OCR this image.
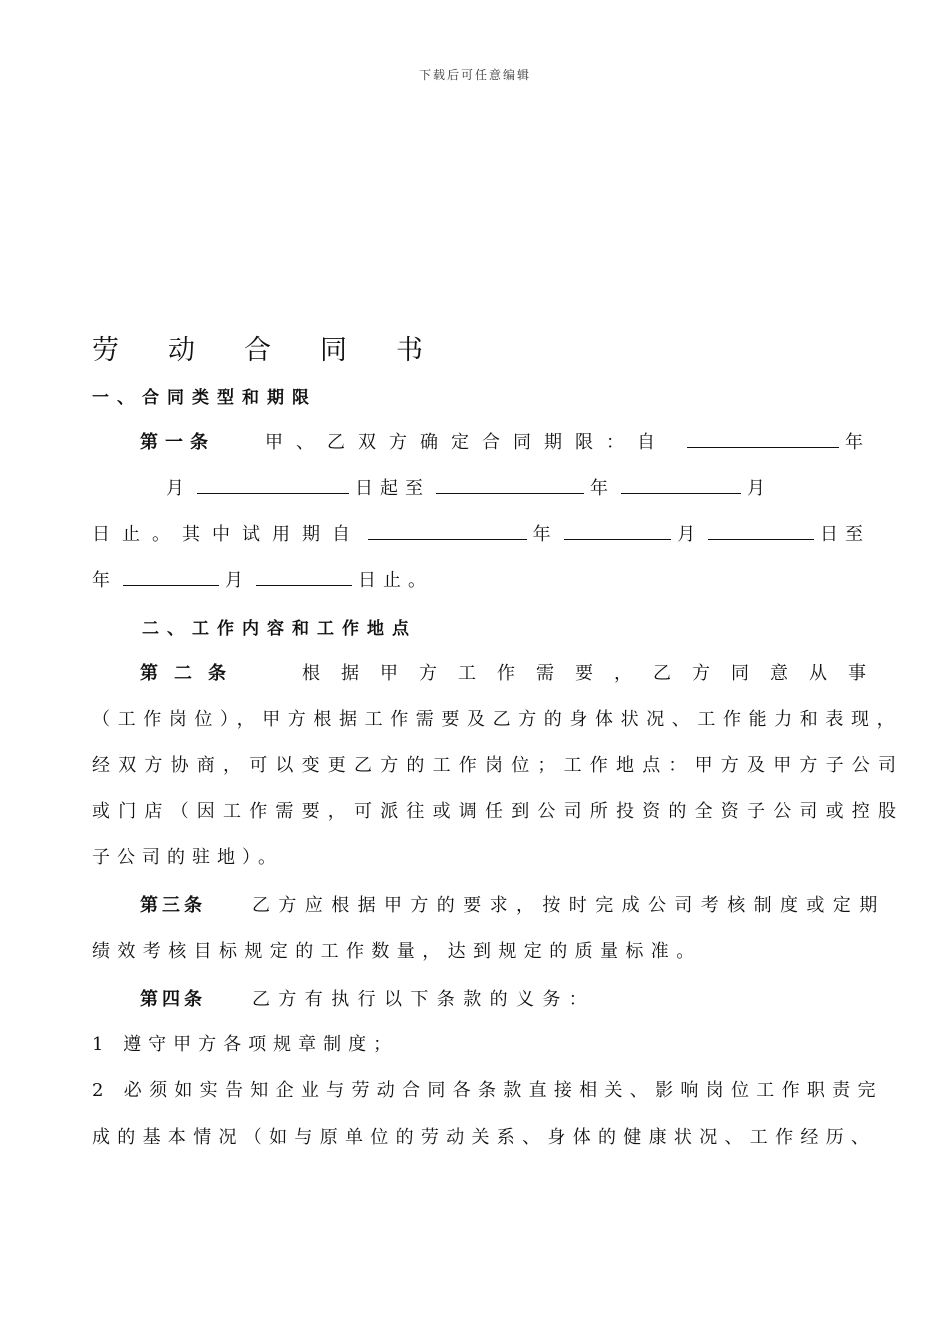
下载后可任意编辑
劳	动	合	同	书
一、合同类型和期限
第一条	甲、乙双方确定合同期限：自	年
月	日起至	年	月
日止。其中试用期自	年	月	日至
年	月	日止。
二、工作内容和工作地点
第二条	根据甲方工作需要，乙方同意从事
（工作岗位），甲方根据工作需要及乙方的身体状况、工作能力和表现，
经双方协商，可以变更乙方的工作岗位；工作地点：甲方及甲方子公司
或门店（因工作需要，可派往或调任到公司所投资的全资子公司或控股
子公司的驻地）。
第三条	乙方应根据甲方的要求，按时完成公司考核制度或定期
绩效考核目标规定的工作数量，达到规定的质量标准。
第四条	乙方有执行以下条款的义务：
1 遵守甲方各项规章制度；
2 必须如实告知企业与劳动合同各条款直接相关、影响岗位工作职责完
成的基本情况（如与原单位的劳动关系、身体的健康状况、工作经历、
